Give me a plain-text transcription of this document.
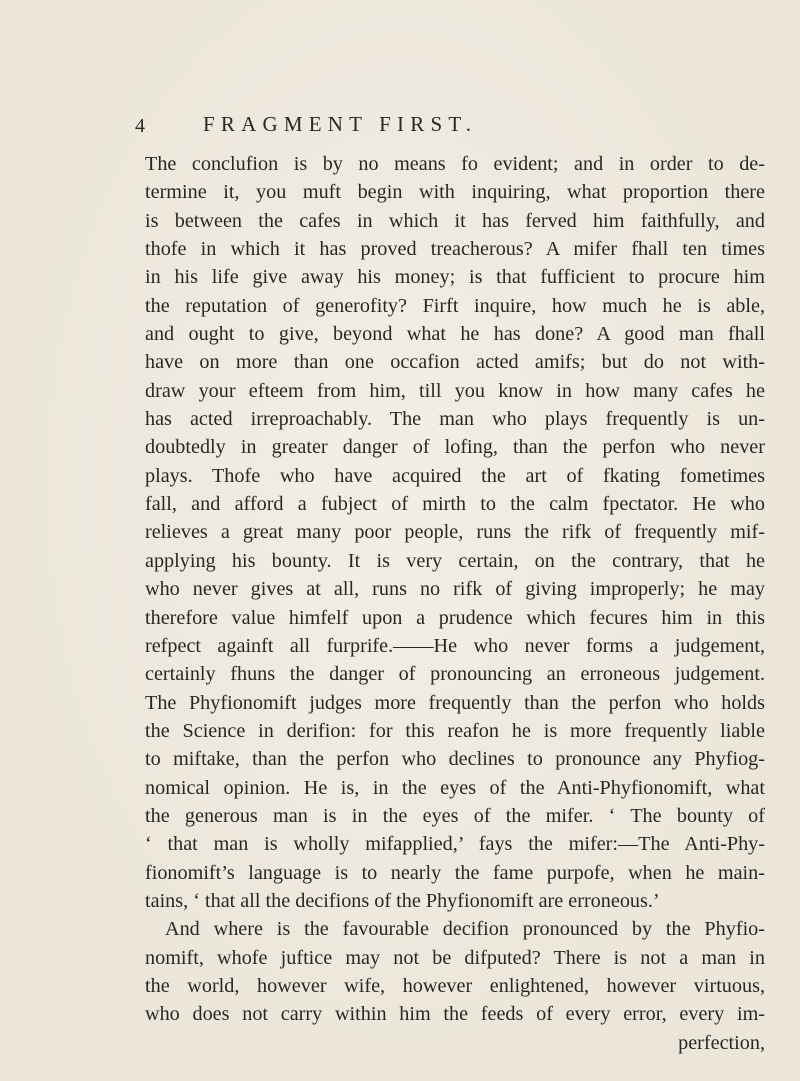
4	FRAGMENT FIRST.
The conclufion is by no means fo evident; and in order to de-
termine it, you muft begin with inquiring, what proportion there
is between the cafes in which it has ferved him faithfully, and
thofe in which it has proved treacherous? A mifer fhall ten times
in his life give away his money; is that fufficient to procure him
the reputation of generofity? Firft inquire, how much he is able,
and ought to give, beyond what he has done? A good man fhall
have on more than one occafion acted amifs; but do not with-
draw your efteem from him, till you know in how many cafes he
has acted irreproachably. The man who plays frequently is un-
doubtedly in greater danger of lofing, than the perfon who never
plays. Thofe who have acquired the art of fkating fometimes
fall, and afford a fubject of mirth to the calm fpectator. He who
relieves a great many poor people, runs the rifk of frequently mif-
applying his bounty. It is very certain, on the contrary, that he
who never gives at all, runs no rifk of giving improperly; he may
therefore value himfelf upon a prudence which fecures him in this
refpect againft all furprife.——He who never forms a judgement,
certainly fhuns the danger of pronouncing an erroneous judgement.
The Phyfionomift judges more frequently than the perfon who holds
the Science in derifion: for this reafon he is more frequently liable
to miftake, than the perfon who declines to pronounce any Phyfiog-
nomical opinion. He is, in the eyes of the Anti-Phyfionomift, what
the generous man is in the eyes of the mifer. ‘ The bounty of
‘ that man is wholly mifapplied,’ fays the mifer:—The Anti-Phy-
fionomift’s language is to nearly the fame purpofe, when he main-
tains, ‘ that all the decifions of the Phyfionomift are erroneous.’
And where is the favourable decifion pronounced by the Phyfio-
nomift, whofe juftice may not be difputed? There is not a man in
the world, however wife, however enlightened, however virtuous,
who does not carry within him the feeds of every error, every im-
perfection,
